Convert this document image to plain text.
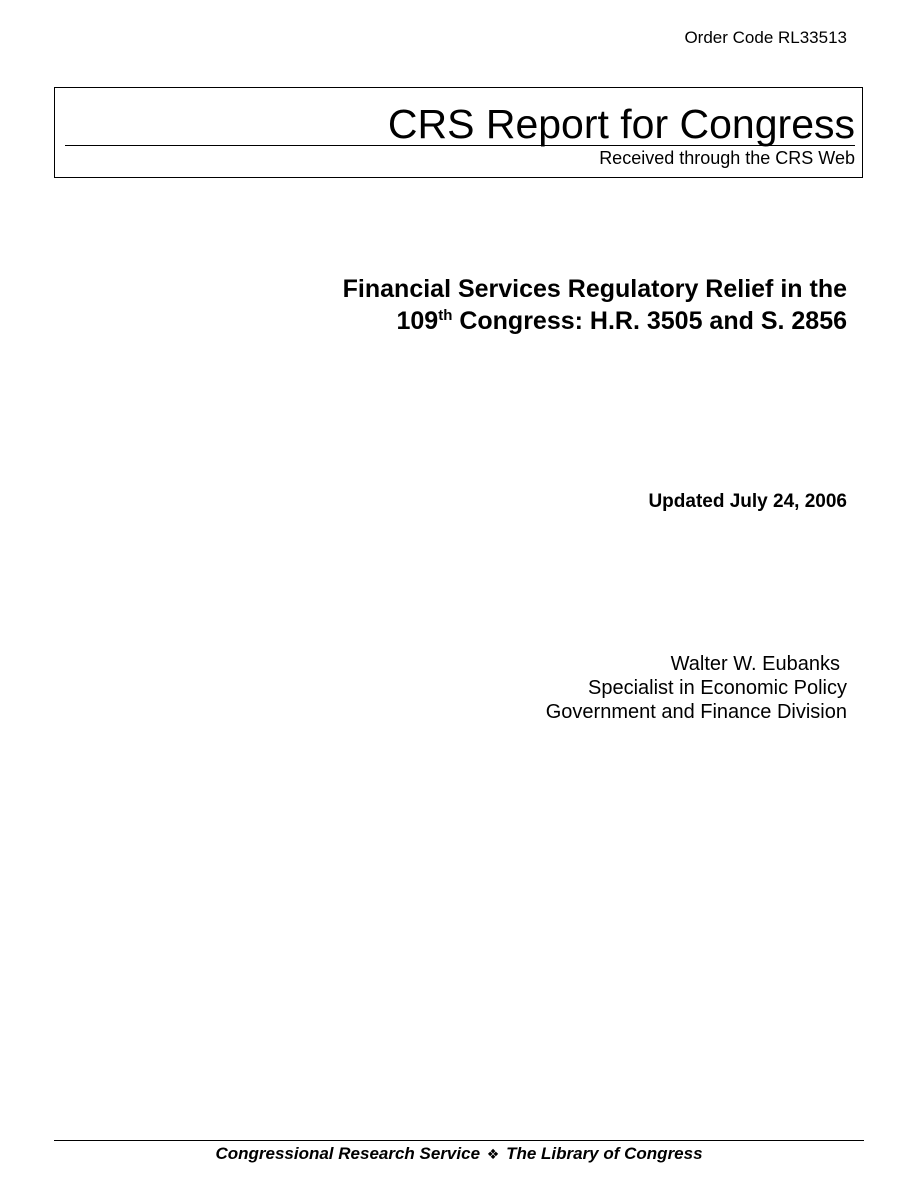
Order Code RL33513
CRS Report for Congress
Received through the CRS Web
Financial Services Regulatory Relief in the
109th Congress: H.R. 3505 and S. 2856
Updated July 24, 2006
Walter W. Eubanks
Specialist in Economic Policy
Government and Finance Division
Congressional Research Service ❖ The Library of Congress
